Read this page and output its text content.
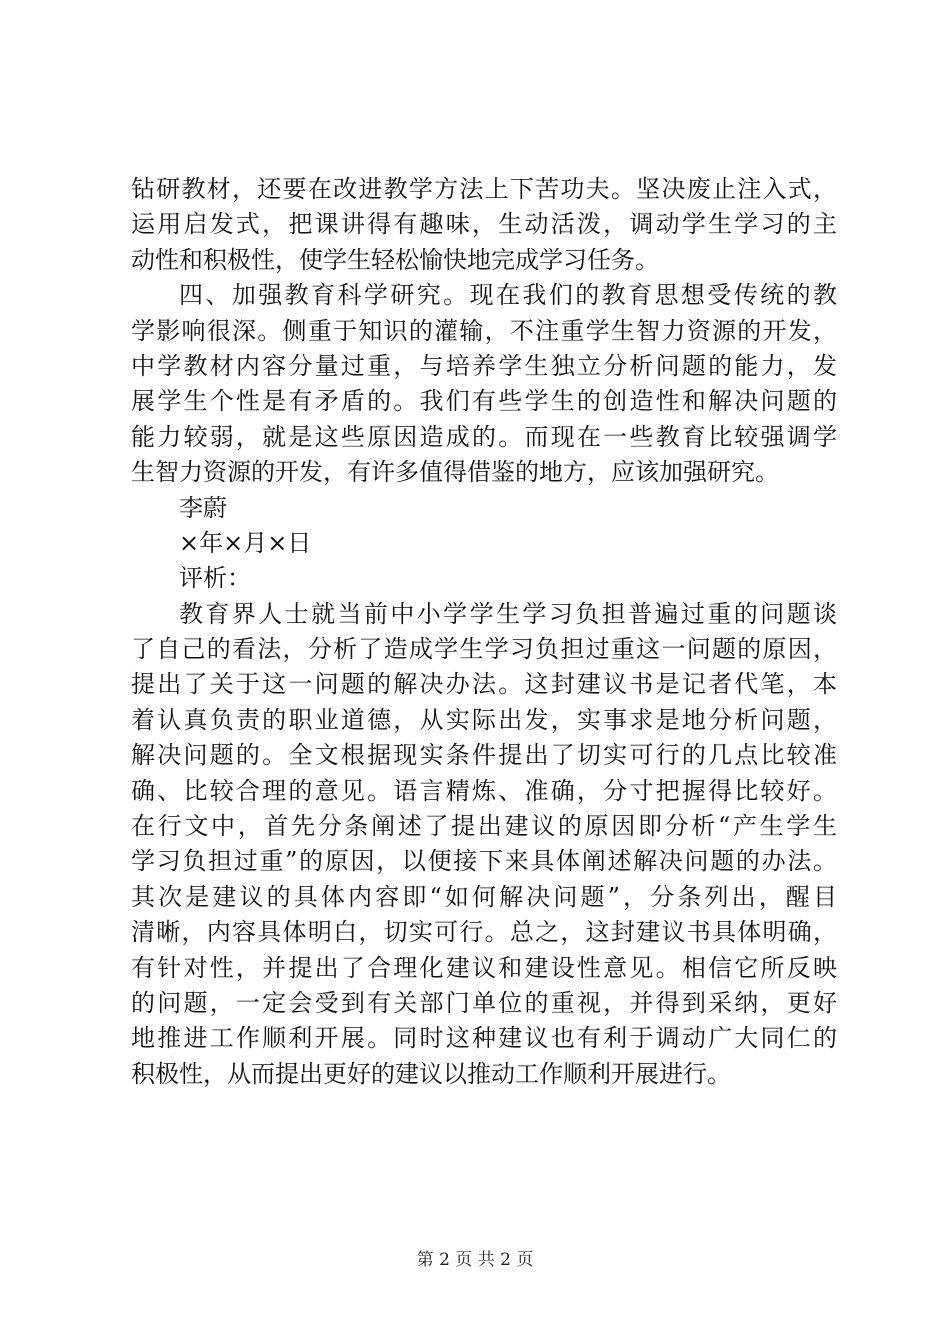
钻研教材，还要在改进教学方法上下苦功夫。坚决废止注入式，
运用启发式，把课讲得有趣味，生动活泼，调动学生学习的主
动性和积极性，使学生轻松愉快地完成学习任务。
四、加强教育科学研究。现在我们的教育思想受传统的教
学影响很深。侧重于知识的灌输，不注重学生智力资源的开发，
中学教材内容分量过重，与培养学生独立分析问题的能力，发
展学生个性是有矛盾的。我们有些学生的创造性和解决问题的
能力较弱，就是这些原因造成的。而现在一些教育比较强调学
生智力资源的开发，有许多值得借鉴的地方，应该加强研究。
李蔚
×年×月×日
评析：
教育界人士就当前中小学学生学习负担普遍过重的问题谈
了自己的看法，分析了造成学生学习负担过重这一问题的原因，
提出了关于这一问题的解决办法。这封建议书是记者代笔，本
着认真负责的职业道德，从实际出发，实事求是地分析问题，
解决问题的。全文根据现实条件提出了切实可行的几点比较准
确、比较合理的意见。语言精炼、准确，分寸把握得比较好。
在行文中，首先分条阐述了提出建议的原因即分析“产生学生
学习负担过重”的原因，以便接下来具体阐述解决问题的办法。
其次是建议的具体内容即“如何解决问题”，分条列出，醒目
清晰，内容具体明白，切实可行。总之，这封建议书具体明确，
有针对性，并提出了合理化建议和建设性意见。相信它所反映
的问题，一定会受到有关部门单位的重视，并得到采纳，更好
地推进工作顺利开展。同时这种建议也有利于调动广大同仁的
积极性，从而提出更好的建议以推动工作顺利开展进行。
第 2 页 共 2 页
